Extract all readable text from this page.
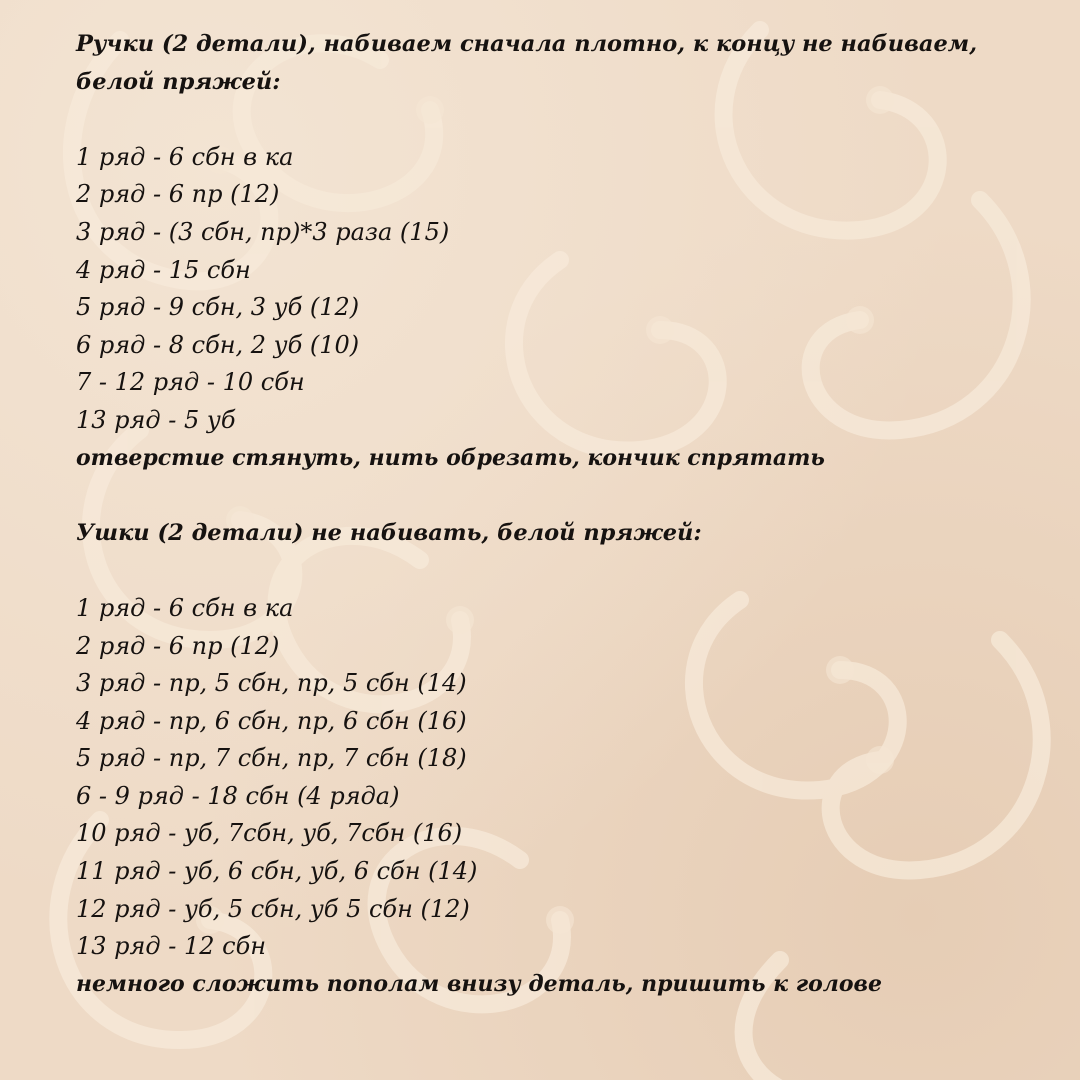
Ручки (2 детали), набиваем сначала плотно, к концу не набиваем, белой пряжей:

1 ряд - 6 сбн в ка

2 ряд - 6 пр (12)

3 ряд - (3 сбн, пр)*3 раза (15)

4 ряд - 15 сбн

5 ряд - 9 сбн, 3 уб (12)

6 ряд - 8 сбн, 2 уб (10)

7 - 12 ряд - 10 сбн

13 ряд - 5 уб

отверстие стянуть, нить обрезать, кончик спрятать

Ушки (2 детали) не набивать, белой пряжей:

1 ряд - 6 сбн в ка

2 ряд - 6 пр (12)

3 ряд - пр, 5 сбн, пр, 5 сбн (14)

4 ряд - пр, 6 сбн, пр, 6 сбн (16)

5 ряд - пр, 7 сбн, пр, 7 сбн (18)

6 - 9 ряд - 18 сбн (4 ряда)

10 ряд - уб, 7сбн, уб, 7сбн (16)

11 ряд - уб, 6 сбн, уб, 6 сбн (14)

12 ряд - уб, 5 сбн, уб 5 сбн (12)

13 ряд - 12 сбн

немного сложить пополам внизу деталь, пришить к голове
